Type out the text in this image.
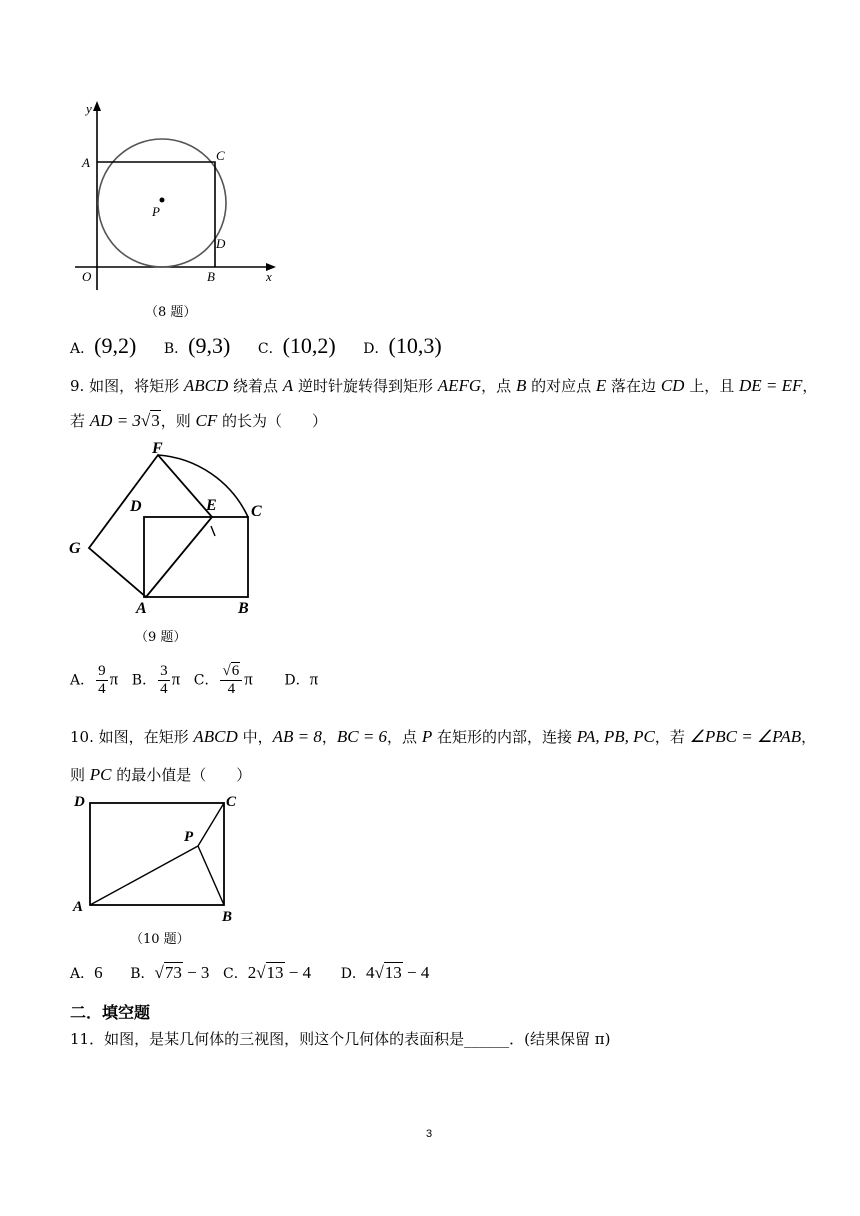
y
A	C
P
D
O	B	x
（8 题）
A．(9,2) B．(9,3) C．(10,2) D．(10,3)
9. 如图，将矩形 ABCD 绕着点 A 逆时针旋转得到矩形 AEFG，点 B 的对应点 E 落在边 CD 上，且 DE = EF，
若 AD = 3√3，则 CF 的长为（　　）
F
D	E C
G
A	B
（9 题）
A． $\frac{9}{4}$ π B． $\frac{3}{4}$ π C． $\frac{√6}{4}$ π D．π
10. 如图，在矩形 ABCD 中，AB = 8，BC = 6，点 P 在矩形的内部，连接 PA, PB, PC，若 ∠PBC = ∠PAB，
则 PC 的最小值是（　　）
D	C
P
A
B
（10 题）
A．6 B．√73 − 3 C．2√13 − 4 D．4√13 − 4
二．填空题
11．如图，是某几何体的三视图，则这个几何体的表面积是______．(结果保留 π)
3
